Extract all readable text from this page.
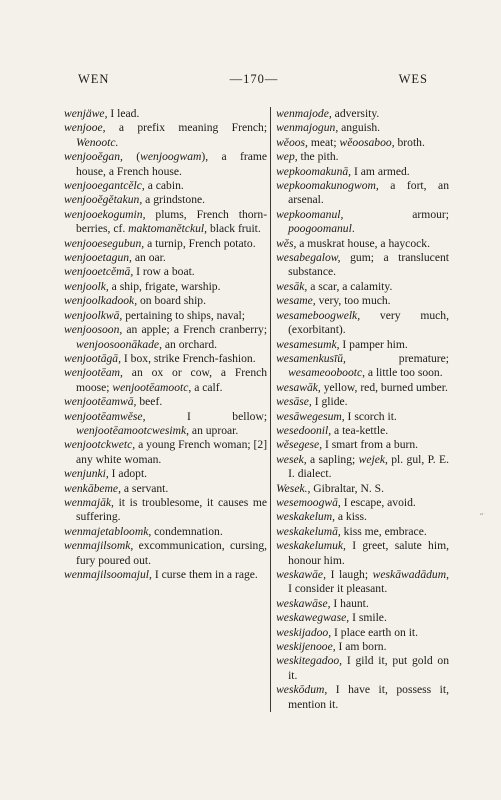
WEN	—170—	WES

wenjäwe, I lead.

wenjooe, a prefix meaning French; Wenootc.

wenjooĕgan, (wenjoogwam), a frame house, a French house.

wenjooegantcĕlc, a cabin.

wenjooĕgĕtakun, a grindstone.

wenjooekogumin, plums, French thorn-berries, cf. maktomanĕtckul, black fruit.

wenjooesegubun, a turnip, French potato.

wenjooetagun, an oar.

wenjooetcĕmā, I row a boat.

wenjoolk, a ship, frigate, warship.

wenjoolkadook, on board ship.

wenjoolkwā, pertaining to ships, naval;

wenjoosoon, an apple; a French cranberry; wenjoosoonākade, an orchard.

wenjootāgā, I box, strike French-fashion.

wenjootēam, an ox or cow, a French moose; wenjootēamootc, a calf.

wenjootēamwā, beef.

wenjootēamwĕse, I bellow; wenjootēamootcwesimk, an uproar.

wenjootckwetc, a young French woman; [2] any white woman.

wenjunki, I adopt.

wenkābeme, a servant.

wenmajāk, it is troublesome, it causes me suffering.

wenmajetabloomk, condemnation.

wenmajilsomk, excommunication, cursing, fury poured out.

wenmajilsoomajul, I curse them in a rage.

wenmajode, adversity.

wenmajogun, anguish.

wĕoos, meat; wĕoosaboo, broth.

wep, the pith.

wepkoomakunā, I am armed.

wepkoomakunogwom, a fort, an arsenal.

wepkoomanul, armour; poogoomanul.

wĕs, a muskrat house, a haycock.

wesabegalow, gum; a translucent substance.

wesāk, a scar, a calamity.

wesame, very, too much.

wesameboogwelk, very much, (exorbitant).

wesamesumk, I pamper him.

wesamenkusīŭ, premature; wesameoobootc, a little too soon.

wesawāk, yellow, red, burned umber.

wesāse, I glide.

wesāwegesum, I scorch it.

wesedoonil, a tea-kettle.

wĕsegese, I smart from a burn.

wesek, a sapling; wejek, pl. gul, P. E. I. dialect.

Wesek., Gibraltar, N. S.

wesemoogwā, I escape, avoid.

weskakelum, a kiss.

weskakelumā, kiss me, embrace.

weskakelumuk, I greet, salute him, honour him.

weskawāe, I laugh; weskāwadādum, I consider it pleasant.

weskawāse, I haunt.

weskawegwase, I smile.

weskijadoo, I place earth on it.

weskijenooe, I am born.

weskitegadoo, I gild it, put gold on it.

weskōdum, I have it, possess it, mention it.

˝
